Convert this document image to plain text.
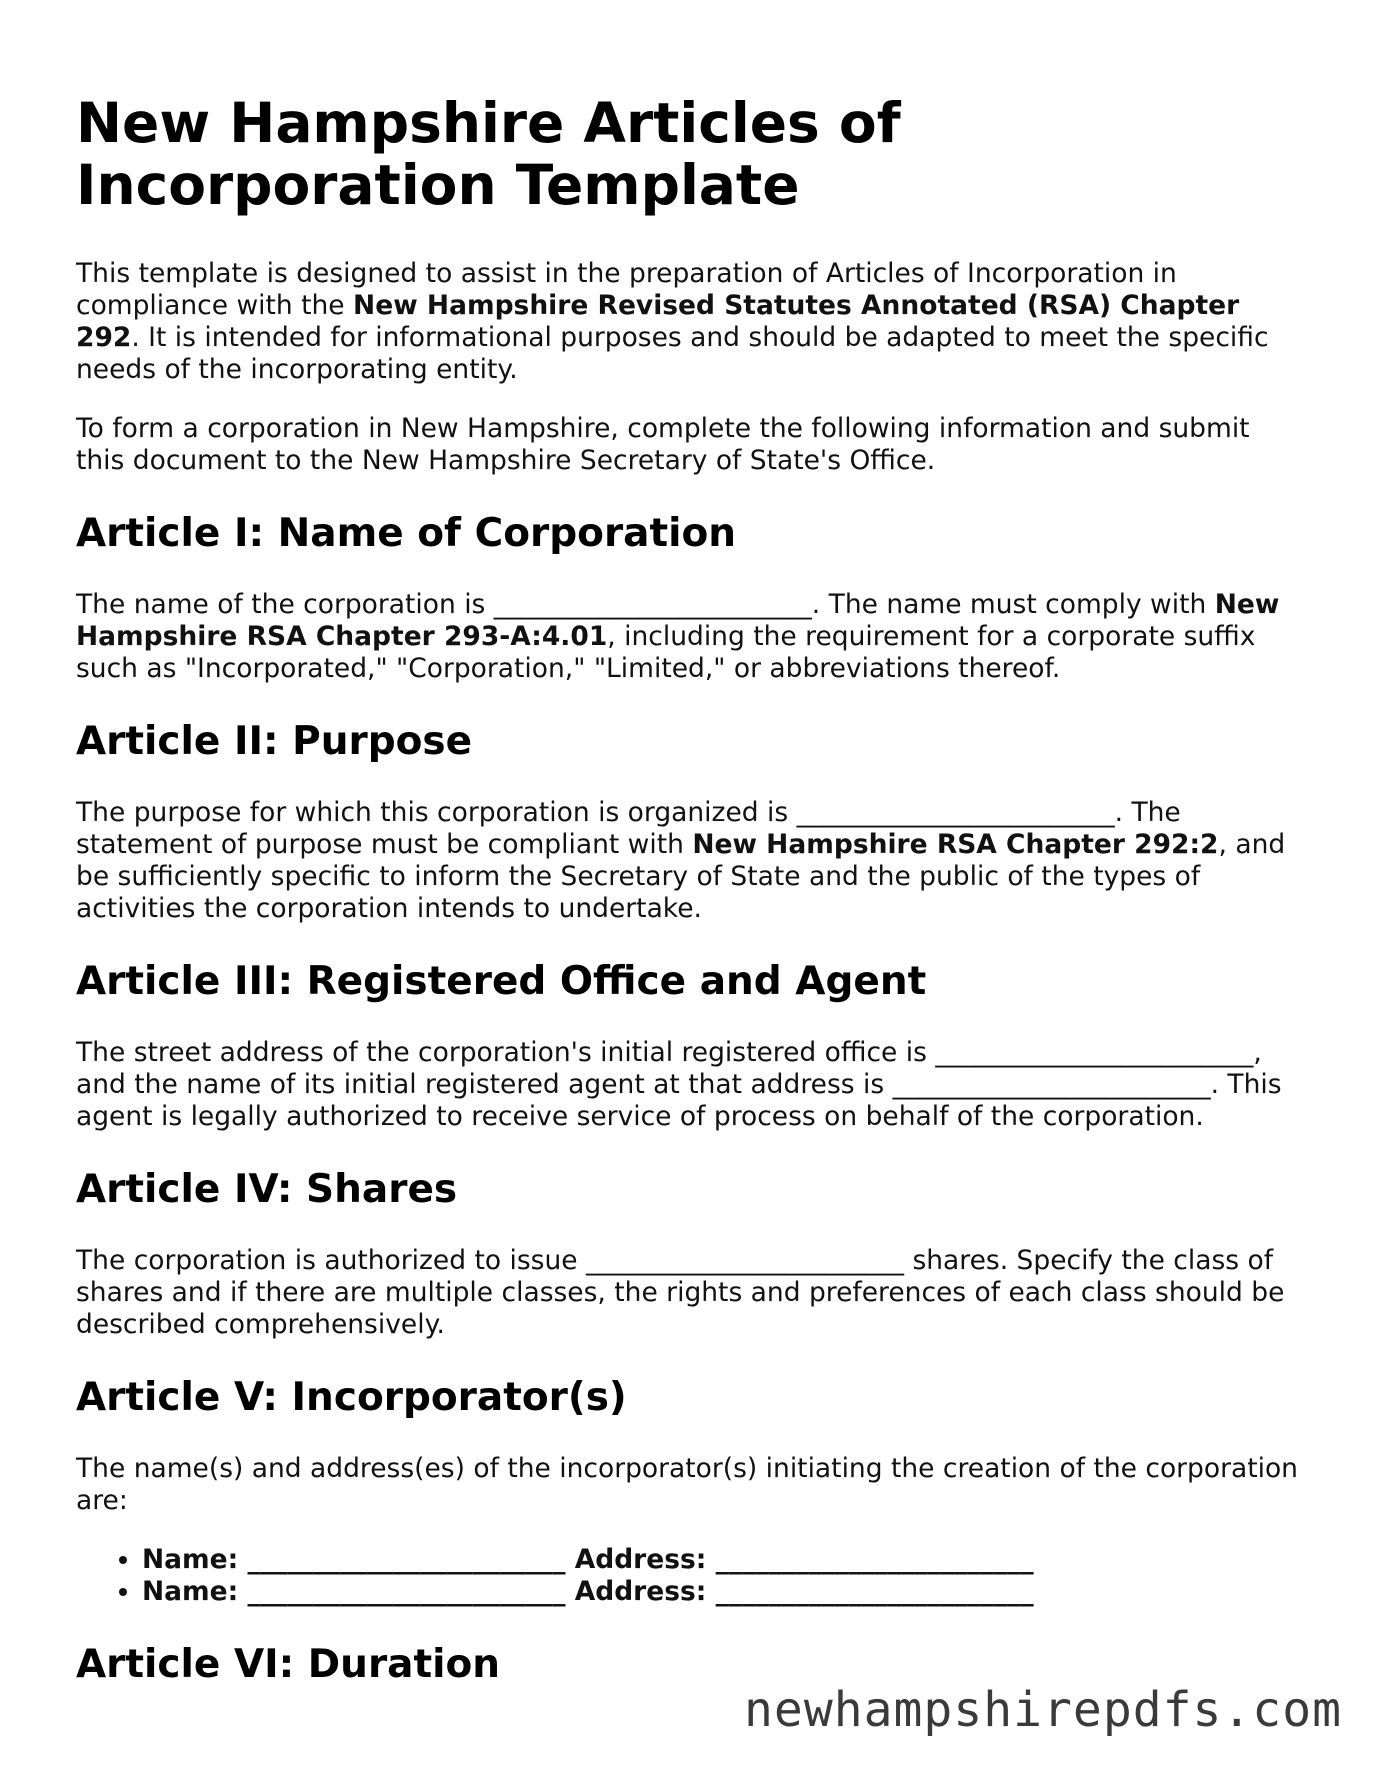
New Hampshire Articles of Incorporation Template

This template is designed to assist in the preparation of Articles of Incorporation in compliance with the New Hampshire Revised Statutes Annotated (RSA) Chapter 292. It is intended for informational purposes and should be adapted to meet the specific needs of the incorporating entity.

To form a corporation in New Hampshire, complete the following information and submit this document to the New Hampshire Secretary of State's Office.

Article I: Name of Corporation

The name of the corporation is ________________________. The name must comply with New Hampshire RSA Chapter 293-A:4.01, including the requirement for a corporate suffix such as "Incorporated," "Corporation," "Limited," or abbreviations thereof.

Article II: Purpose

The purpose for which this corporation is organized is ________________________. The statement of purpose must be compliant with New Hampshire RSA Chapter 292:2, and be sufficiently specific to inform the Secretary of State and the public of the types of activities the corporation intends to undertake.

Article III: Registered Office and Agent

The street address of the corporation's initial registered office is ________________________, and the name of its initial registered agent at that address is ________________________. This agent is legally authorized to receive service of process on behalf of the corporation.

Article IV: Shares

The corporation is authorized to issue ________________________ shares. Specify the class of shares and if there are multiple classes, the rights and preferences of each class should be described comprehensively.

Article V: Incorporator(s)

The name(s) and address(es) of the incorporator(s) initiating the creation of the corporation are:

• Name: ________________________ Address: ________________________
• Name: ________________________ Address: ________________________
Article VI: Duration
newhampshirepdfs.com
